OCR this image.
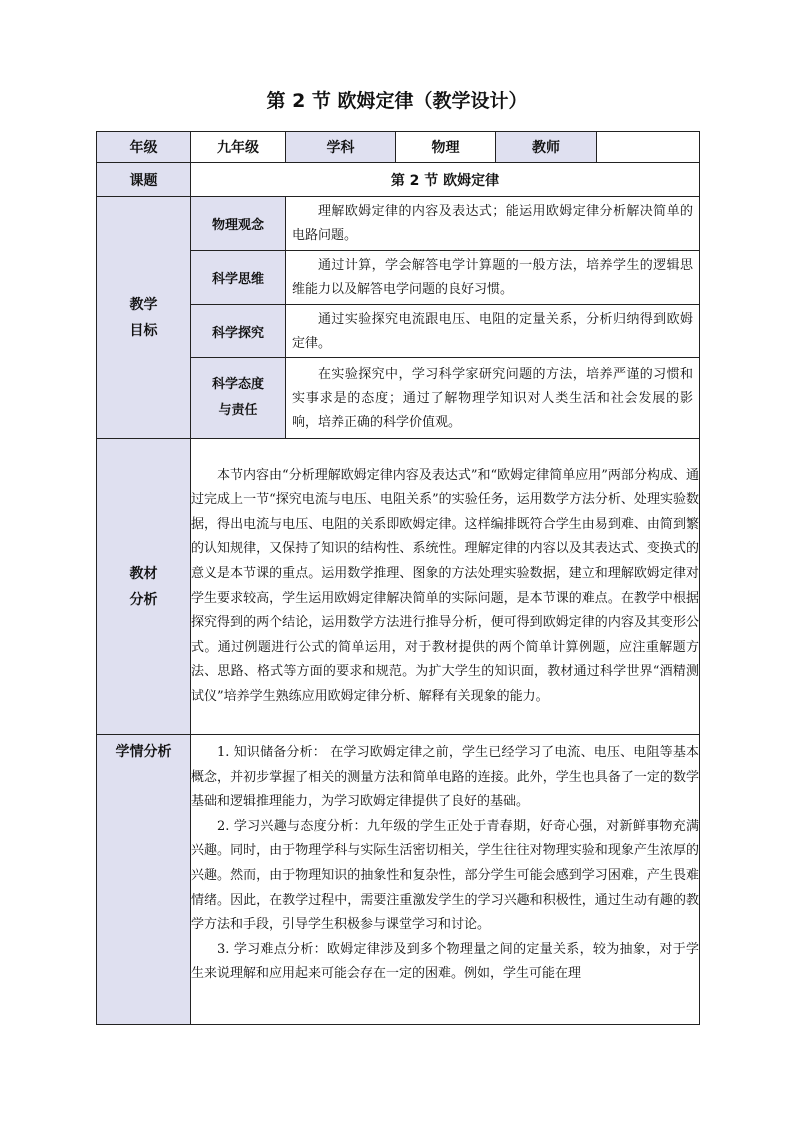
第 2 节 欧姆定律（教学设计）
年级	九年级	学科	物理	教师	
课题	第 2 节 欧姆定律				

教学
目标	物理观念	理解欧姆定律的内容及表达式；能运用欧姆定律分析解决简单的电路问题。			

	科学思维	通过计算，学会解答电学计算题的一般方法，培养学生的逻辑思维能力以及解答电学问题的良好习惯。			

	科学探究	通过实验探究电流跟电压、电阻的定量关系，分析归纳得到欧姆定律。			

	科学态度
与责任	在实验探究中，学习科学家研究问题的方法，培养严谨的习惯和实事求是的态度；通过了解物理学知识对人类生活和社会发展的影响，培养正确的科学价值观。			

教材
分析	本节内容由“分析理解欧姆定律内容及表达式”和“欧姆定律简单应用”两部分构成、通过完成上一节“探究电流与电压、电阻关系”的实验任务，运用数学方法分析、处理实验数据，得出电流与电压、电阻的关系即欧姆定律。这样编排既符合学生由易到难、由简到繁的认知规律，又保持了知识的结构性、系统性。理解定律的内容以及其表达式、变换式的意义是本节课的重点。运用数学推理、图象的方法处理实验数据，建立和理解欧姆定律对学生要求较高，学生运用欧姆定律解决简单的实际问题，是本节课的难点。在教学中根据探究得到的两个结论，运用数学方法进行推导分析，便可得到欧姆定律的内容及其变形公式。通过例题进行公式的简单运用，对于教材提供的两个简单计算例题，应注重解题方法、思路、格式等方面的要求和规范。为扩大学生的知识面，教材通过科学世界“酒精测试仪”培养学生熟练应用欧姆定律分析、解释有关现象的能力。				

学情分析	1. 知识储备分析： 在学习欧姆定律之前，学生已经学习了电流、电压、电阻等基本概念，并初步掌握了相关的测量方法和简单电路的连接。此外，学生也具备了一定的数学基础和逻辑推理能力，为学习欧姆定律提供了良好的基础。

2. 学习兴趣与态度分析：九年级的学生正处于青春期，好奇心强，对新鲜事物充满兴趣。同时，由于物理学科与实际生活密切相关，学生往往对物理实验和现象产生浓厚的兴趣。然而，由于物理知识的抽象性和复杂性，部分学生可能会感到学习困难，产生畏难情绪。因此，在教学过程中，需要注重激发学生的学习兴趣和积极性，通过生动有趣的教学方法和手段，引导学生积极参与课堂学习和讨论。

3. 学习难点分析：欧姆定律涉及到多个物理量之间的定量关系，较为抽象，对于学生来说理解和应用起来可能会存在一定的困难。例如，学生可能在理				
